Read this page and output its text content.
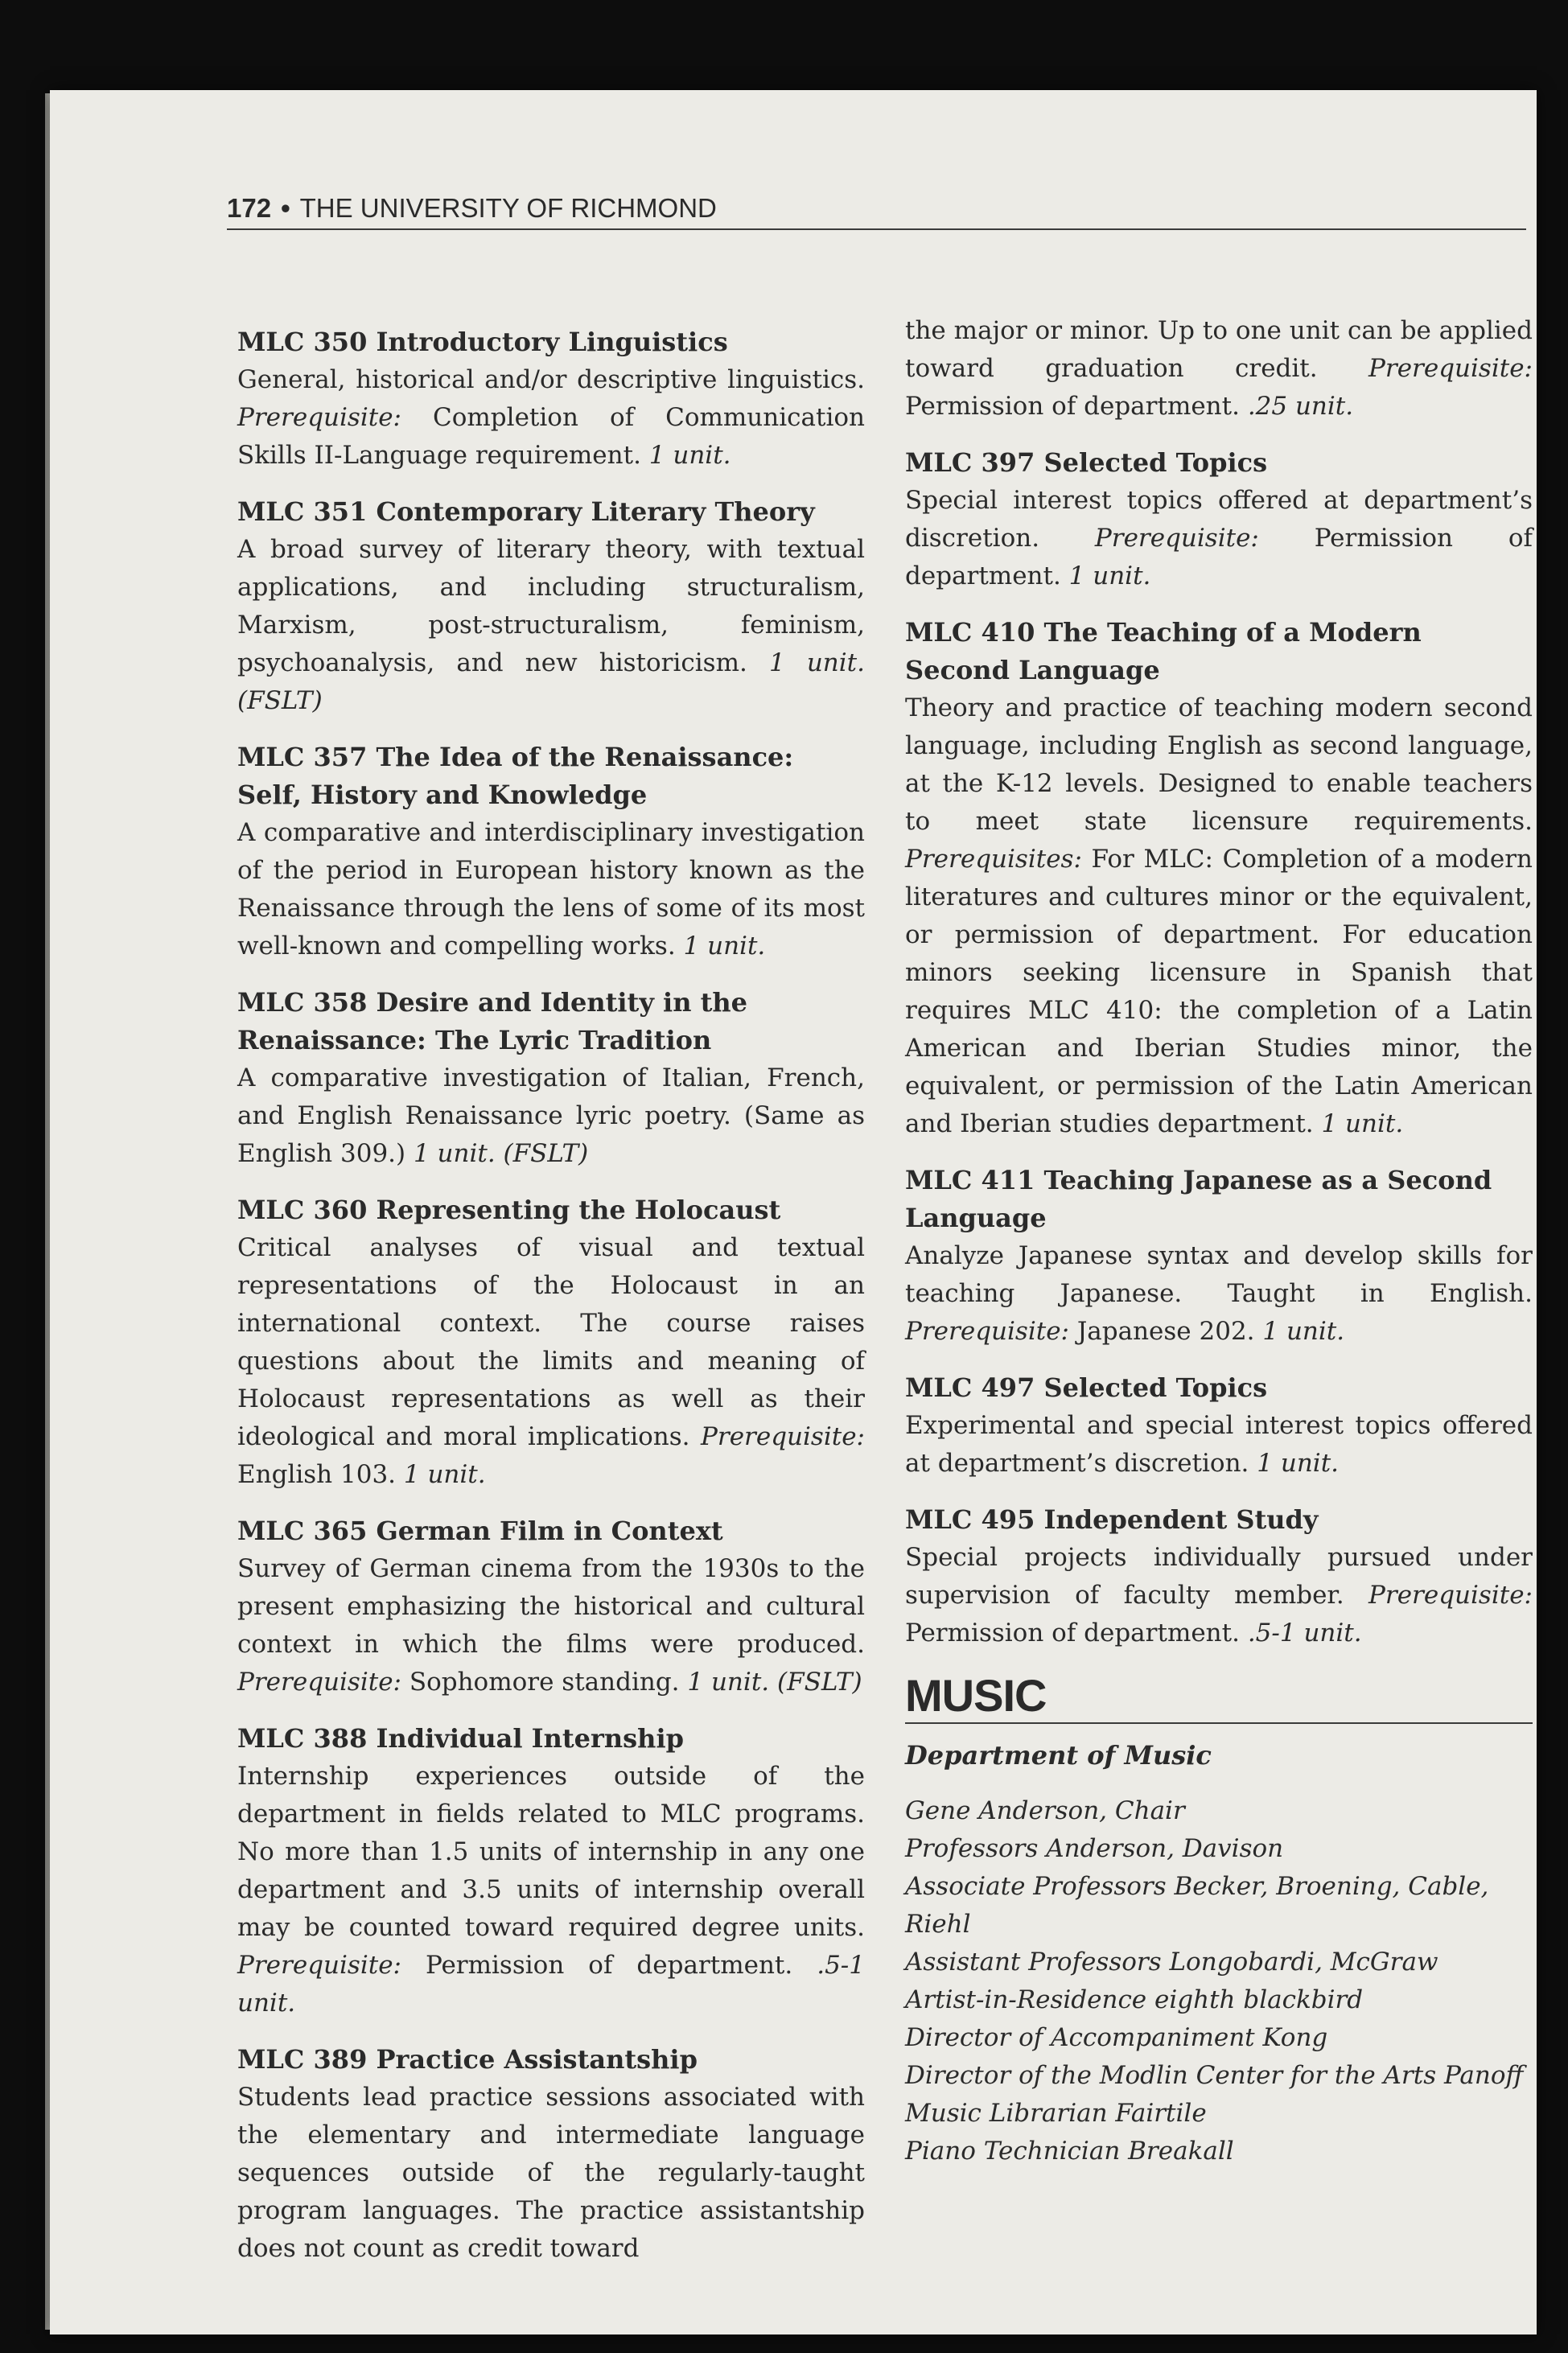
172 • THE UNIVERSITY OF RICHMOND
MLC 350 Introductory Linguistics
General, historical and/or descriptive linguistics. Prerequisite: Completion of Communication Skills II-Language requirement. 1 unit.
MLC 351 Contemporary Literary Theory
A broad survey of literary theory, with textual applications, and including structuralism, Marxism, post-structuralism, feminism, psychoanalysis, and new historicism. 1 unit. (FSLT)
MLC 357 The Idea of the Renaissance: Self, History and Knowledge
A comparative and interdisciplinary investigation of the period in European history known as the Renaissance through the lens of some of its most well-known and compelling works. 1 unit.
MLC 358 Desire and Identity in the Renaissance: The Lyric Tradition
A comparative investigation of Italian, French, and English Renaissance lyric poetry. (Same as English 309.) 1 unit. (FSLT)
MLC 360 Representing the Holocaust
Critical analyses of visual and textual representations of the Holocaust in an international context. The course raises questions about the limits and meaning of Holocaust representations as well as their ideological and moral implications. Prerequisite: English 103. 1 unit.
MLC 365 German Film in Context
Survey of German cinema from the 1930s to the present emphasizing the historical and cultural context in which the films were produced. Prerequisite: Sophomore standing. 1 unit. (FSLT)
MLC 388 Individual Internship
Internship experiences outside of the department in fields related to MLC programs. No more than 1.5 units of internship in any one department and 3.5 units of internship overall may be counted toward required degree units. Prerequisite: Permission of department. .5-1 unit.
MLC 389 Practice Assistantship
Students lead practice sessions associated with the elementary and intermediate language sequences outside of the regularly-taught program languages. The practice assistantship does not count as credit toward
the major or minor. Up to one unit can be applied toward graduation credit. Prerequisite: Permission of department. .25 unit.
MLC 397 Selected Topics
Special interest topics offered at department’s discretion. Prerequisite: Permission of department. 1 unit.
MLC 410 The Teaching of a Modern Second Language
Theory and practice of teaching modern second language, including English as second language, at the K-12 levels. Designed to enable teachers to meet state licensure requirements. Prerequisites: For MLC: Completion of a modern literatures and cultures minor or the equivalent, or permission of department. For education minors seeking licensure in Spanish that requires MLC 410: the completion of a Latin American and Iberian Studies minor, the equivalent, or permission of the Latin American and Iberian studies department. 1 unit.
MLC 411 Teaching Japanese as a Second Language
Analyze Japanese syntax and develop skills for teaching Japanese. Taught in English. Prerequisite: Japanese 202. 1 unit.
MLC 497 Selected Topics
Experimental and special interest topics offered at department’s discretion. 1 unit.
MLC 495 Independent Study
Special projects individually pursued under supervision of faculty member. Prerequisite: Permission of department. .5-1 unit.
MUSIC
Department of Music
Gene Anderson, Chair
Professors Anderson, Davison
Associate Professors Becker, Broening, Cable, Riehl
Assistant Professors Longobardi, McGraw
Artist-in-Residence eighth blackbird
Director of Accompaniment Kong
Director of the Modlin Center for the Arts Panoff
Music Librarian Fairtile
Piano Technician Breakall
